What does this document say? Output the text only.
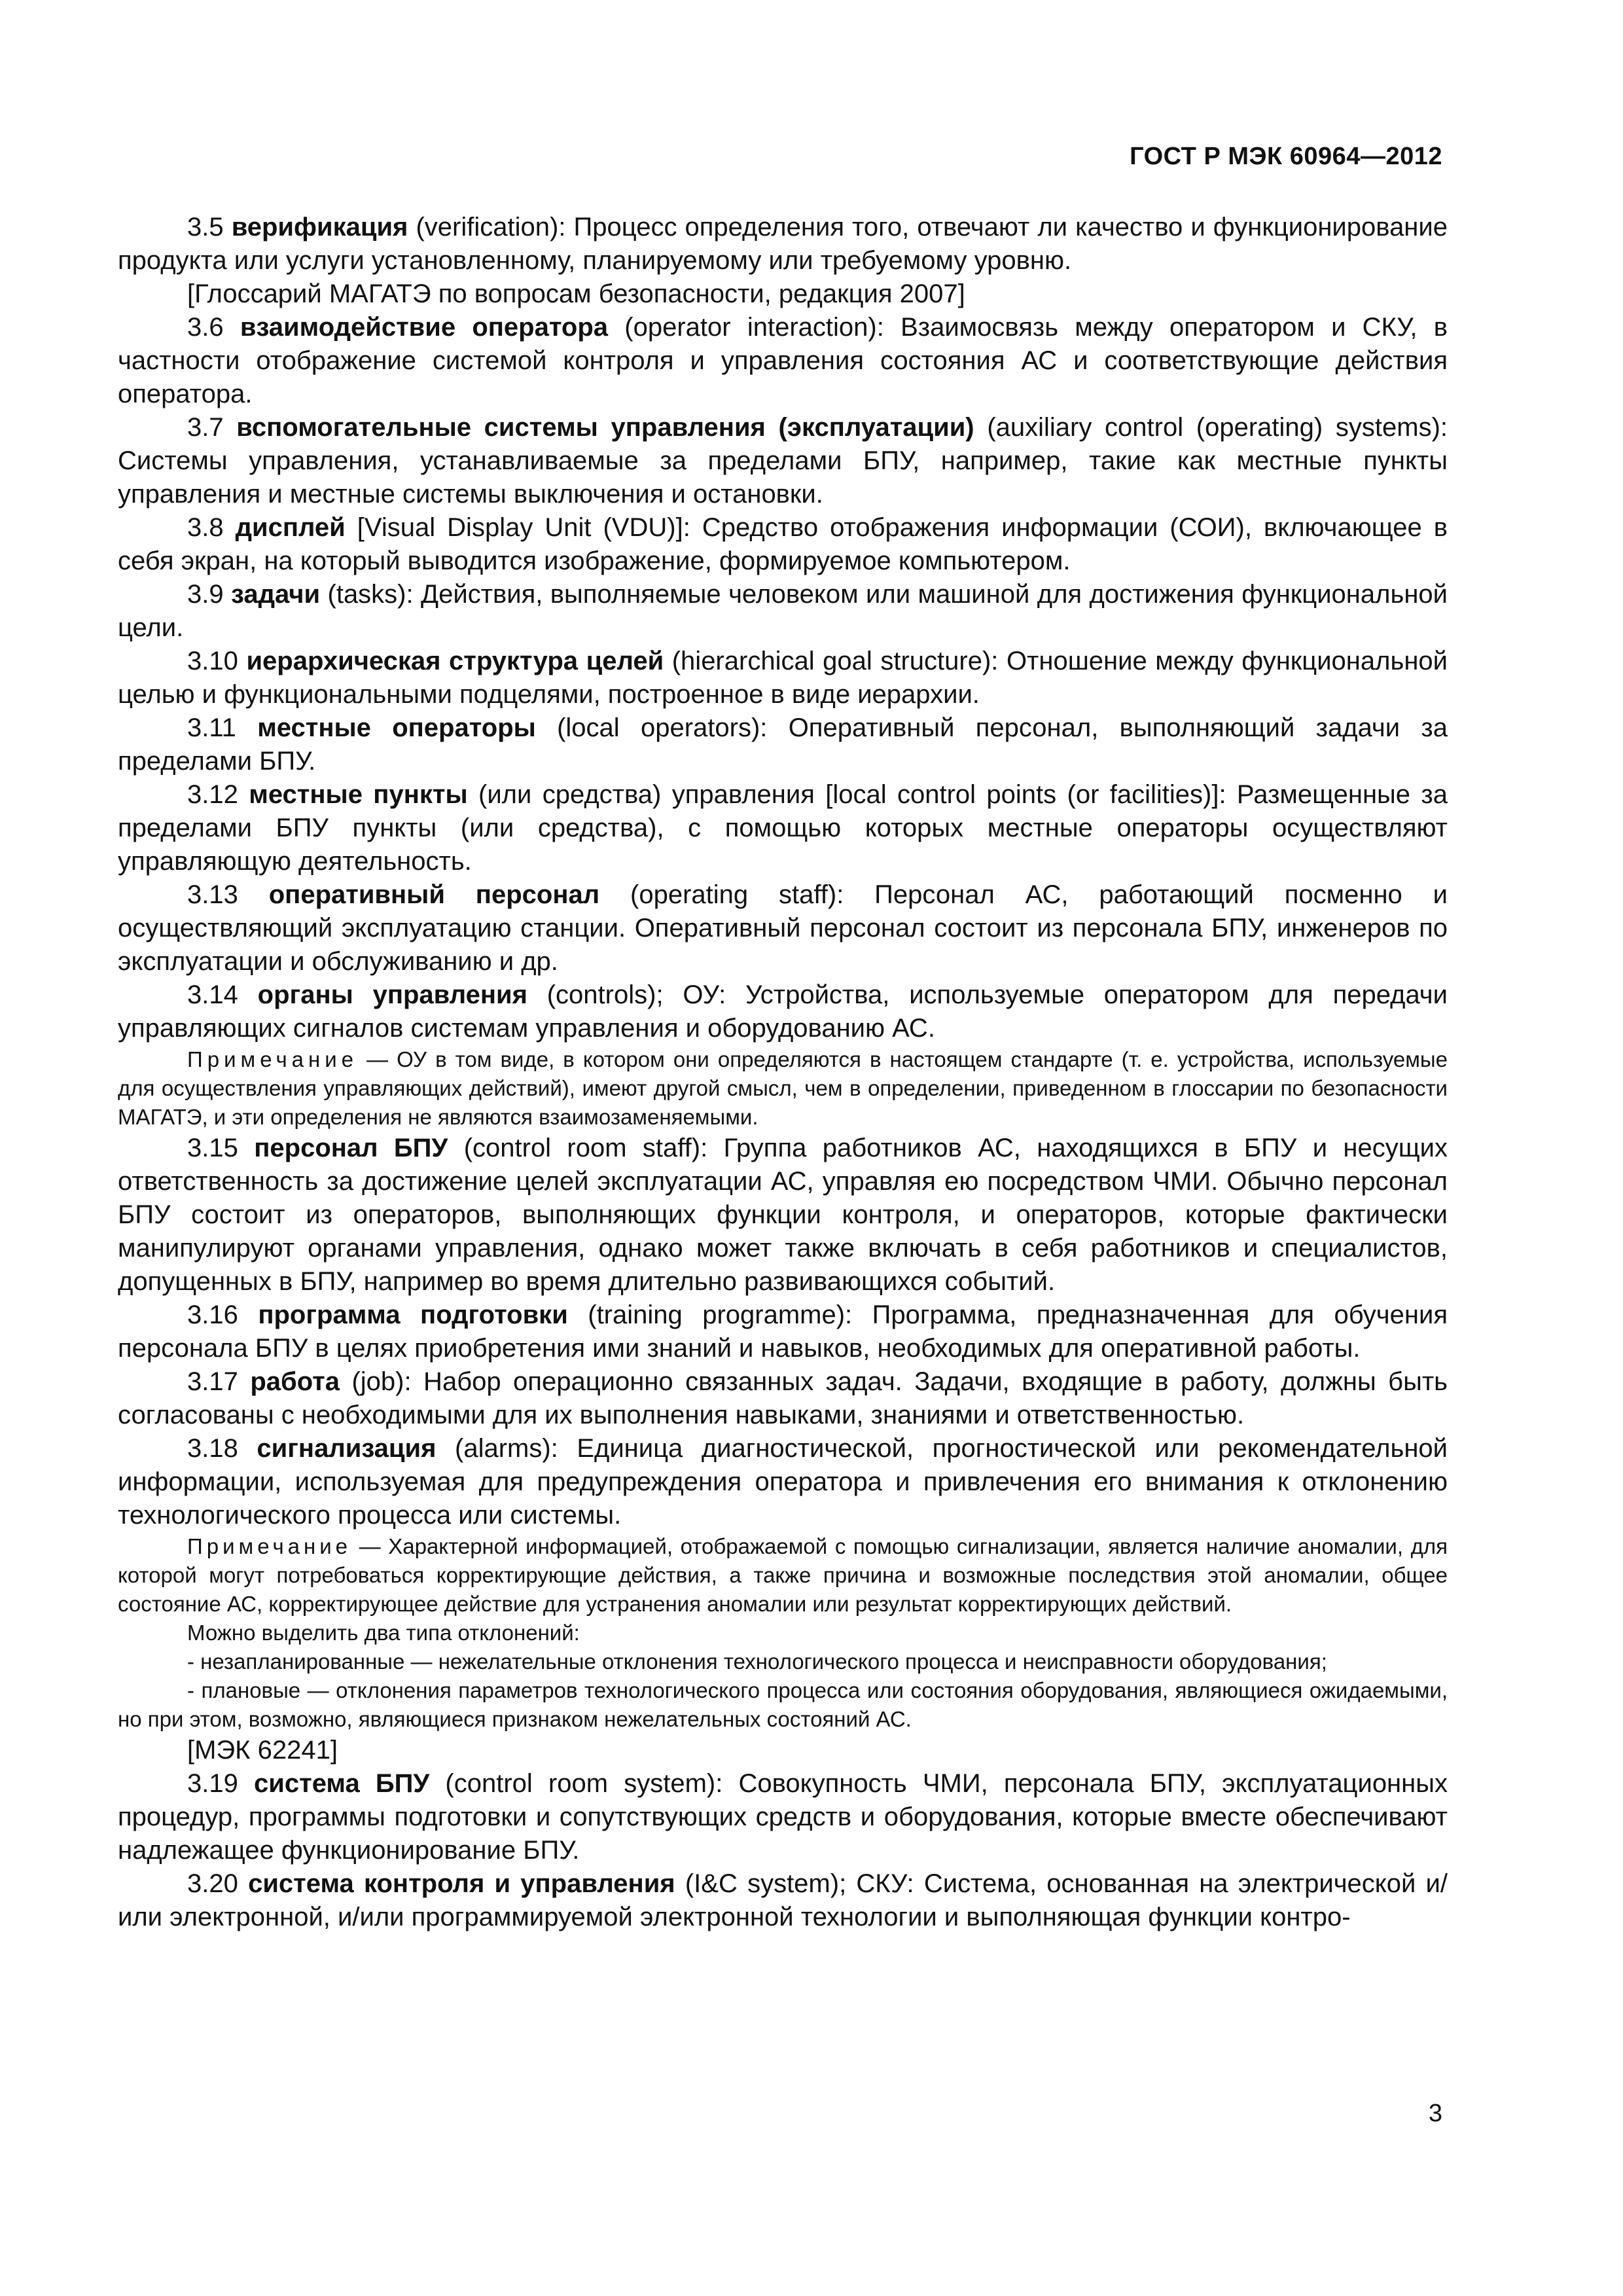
ГОСТ Р МЭК 60964—2012

3.5 верификация (verification): Процесс определения того, отвечают ли качество и функционирование продукта или услуги установленному, планируемому или требуемому уровню.

[Глоссарий МАГАТЭ по вопросам безопасности, редакция 2007]

3.6 взаимодействие оператора (operator interaction): Взаимосвязь между оператором и СКУ, в частности отображение системой контроля и управления состояния АС и соответствующие действия оператора.

3.7 вспомогательные системы управления (эксплуатации) (auxiliary control (operating) systems): Системы управления, устанавливаемые за пределами БПУ, например, такие как местные пункты управления и местные системы выключения и остановки.

3.8 дисплей [Visual Display Unit (VDU)]: Средство отображения информации (СОИ), включающее в себя экран, на который выводится изображение, формируемое компьютером.

3.9 задачи (tasks): Действия, выполняемые человеком или машиной для достижения функциональной цели.

3.10 иерархическая структура целей (hierarchical goal structure): Отношение между функциональной целью и функциональными подцелями, построенное в виде иерархии.

3.11 местные операторы (local operators): Оперативный персонал, выполняющий задачи за пределами БПУ.

3.12 местные пункты (или средства) управления [local control points (or facilities)]: Размещенные за пределами БПУ пункты (или средства), с помощью которых местные операторы осуществляют управляющую деятельность.

3.13 оперативный персонал (operating staff): Персонал АС, работающий посменно и осуществляющий эксплуатацию станции. Оперативный персонал состоит из персонала БПУ, инженеров по эксплуатации и обслуживанию и др.

3.14 органы управления (controls); ОУ: Устройства, используемые оператором для передачи управляющих сигналов системам управления и оборудованию АС.

Примечание — ОУ в том виде, в котором они определяются в настоящем стандарте (т. е. устройства, используемые для осуществления управляющих действий), имеют другой смысл, чем в определении, приведенном в глоссарии по безопасности МАГАТЭ, и эти определения не являются взаимозаменяемыми.

3.15 персонал БПУ (control room staff): Группа работников АС, находящихся в БПУ и несущих ответственность за достижение целей эксплуатации АС, управляя ею посредством ЧМИ. Обычно персонал БПУ состоит из операторов, выполняющих функции контроля, и операторов, которые фактически манипулируют органами управления, однако может также включать в себя работников и специалистов, допущенных в БПУ, например во время длительно развивающихся событий.

3.16 программа подготовки (training programme): Программа, предназначенная для обучения персонала БПУ в целях приобретения ими знаний и навыков, необходимых для оперативной работы.

3.17 работа (job): Набор операционно связанных задач. Задачи, входящие в работу, должны быть согласованы с необходимыми для их выполнения навыками, знаниями и ответственностью.

3.18 сигнализация (alarms): Единица диагностической, прогностической или рекомендательной информации, используемая для предупреждения оператора и привлечения его внимания к отклонению технологического процесса или системы.

Примечание — Характерной информацией, отображаемой с помощью сигнализации, является наличие аномалии, для которой могут потребоваться корректирующие действия, а также причина и возможные последствия этой аномалии, общее состояние АС, корректирующее действие для устранения аномалии или результат корректирующих действий.

Можно выделить два типа отклонений:

- незапланированные — нежелательные отклонения технологического процесса и неисправности оборудования;

- плановые — отклонения параметров технологического процесса или состояния оборудования, являющиеся ожидаемыми, но при этом, возможно, являющиеся признаком нежелательных состояний АС.

[МЭК 62241]

3.19 система БПУ (control room system): Совокупность ЧМИ, персонала БПУ, эксплуатационных процедур, программы подготовки и сопутствующих средств и оборудования, которые вместе обеспечивают надлежащее функционирование БПУ.

3.20 система контроля и управления (I&C system); СКУ: Система, основанная на электрической и/или электронной, и/или программируемой электронной технологии и выполняющая функции контро-

3
